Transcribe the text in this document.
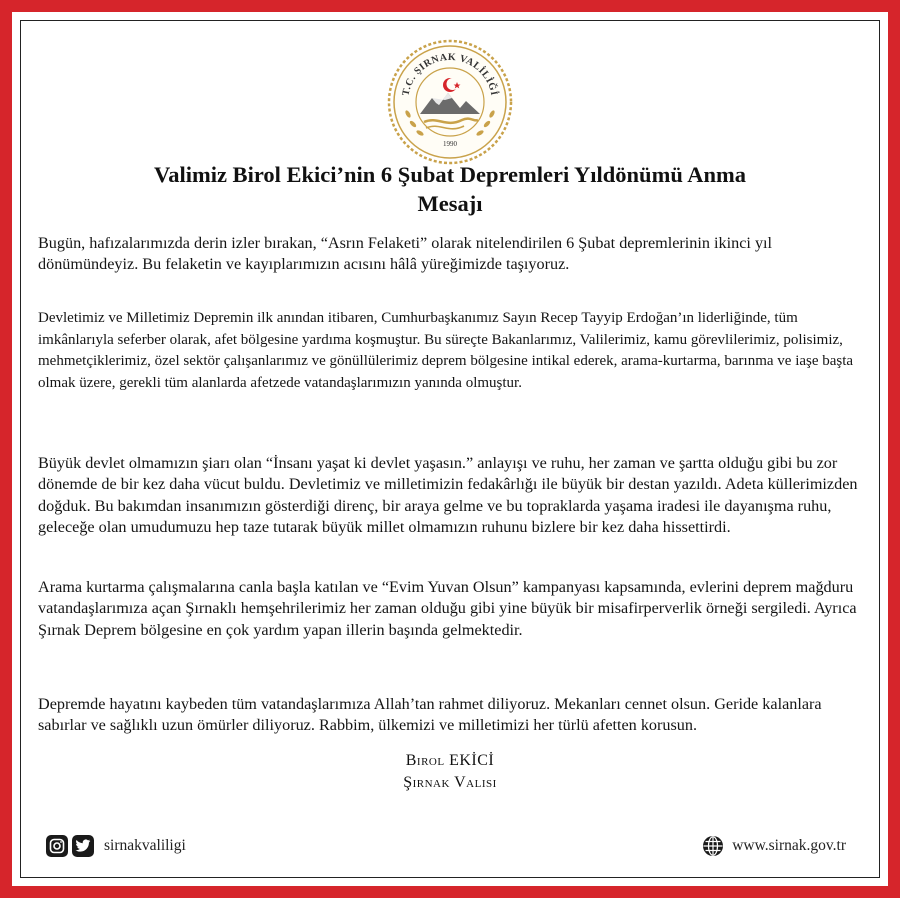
T.C. ŞIRNAK VALİLİĞİ
1990
Valimiz Birol Ekici’nin 6 Şubat Depremleri Yıldönümü Anma
Mesajı

Bugün, hafızalarımızda derin izler bırakan, “Asrın Felaketi” olarak nitelendirilen 6 Şubat depremlerinin ikinci yıl dönümündeyiz. Bu felaketin ve kayıplarımızın acısını hâlâ yüreğimizde taşıyoruz.

Devletimiz ve Milletimiz Depremin ilk anından itibaren, Cumhurbaşkanımız Sayın Recep Tayyip Erdoğan’ın liderliğinde, tüm imkânlarıyla seferber olarak, afet bölgesine yardıma koşmuştur. Bu süreçte Bakanlarımız, Valilerimiz, kamu görevlilerimiz, polisimiz, mehmetçiklerimiz, özel sektör çalışanlarımız ve gönüllülerimiz deprem bölgesine intikal ederek, arama-kurtarma, barınma ve iaşe başta olmak üzere, gerekli tüm alanlarda afetzede vatandaşlarımızın yanında olmuştur.

Büyük devlet olmamızın şiarı olan “İnsanı yaşat ki devlet yaşasın.” anlayışı ve ruhu, her zaman ve şartta olduğu gibi bu zor dönemde de bir kez daha vücut buldu. Devletimiz ve milletimizin fedakârlığı ile büyük bir destan yazıldı. Adeta küllerimizden doğduk. Bu bakımdan insanımızın gösterdiği direnç, bir araya gelme ve bu topraklarda yaşama iradesi ile dayanışma ruhu, geleceğe olan umudumuzu hep taze tutarak büyük millet olmamızın ruhunu bizlere bir kez daha hissettirdi.

Arama kurtarma çalışmalarına canla başla katılan ve “Evim Yuvan Olsun” kampanyası kapsamında, evlerini deprem mağduru vatandaşlarımıza açan Şırnaklı hemşehrilerimiz her zaman olduğu gibi yine büyük bir misafirperverlik örneği sergiledi. Ayrıca Şırnak Deprem bölgesine en çok yardım yapan illerin başında gelmektedir.

Depremde hayatını kaybeden tüm vatandaşlarımıza Allah’tan rahmet diliyoruz. Mekanları cennet olsun. Geride kalanlara sabırlar ve sağlıklı uzun ömürler diliyoruz. Rabbim, ülkemizi ve milletimizi her türlü afetten korusun.

Birol EKİCİ
Şırnak Valisi
sirnakvaliligi	www.sirnak.gov.tr
